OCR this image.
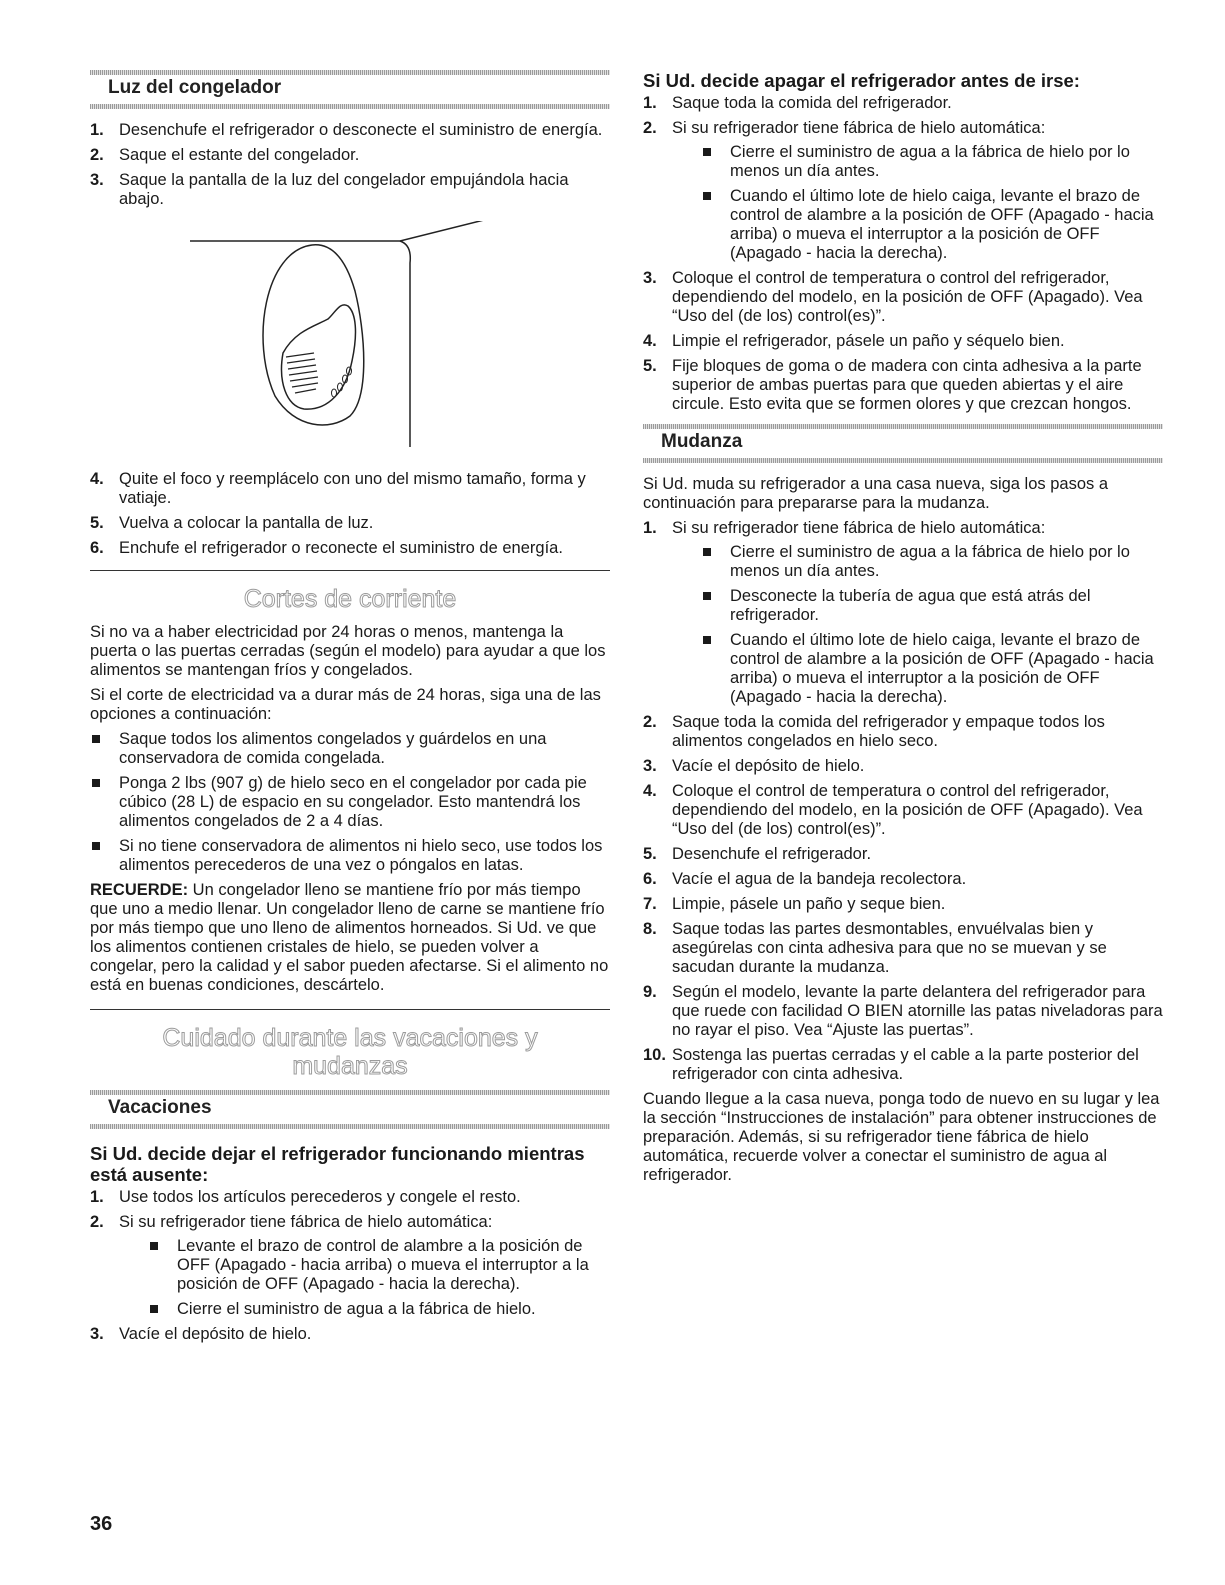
Luz del congelador
1. Desenchufe el refrigerador o desconecte el suministro de energía.
2. Saque el estante del congelador.
3. Saque la pantalla de la luz del congelador empujándola hacia abajo.
4. Quite el foco y reemplácelo con uno del mismo tamaño, forma y vatiaje.
5. Vuelva a colocar la pantalla de luz.
6. Enchufe el refrigerador o reconecte el suministro de energía.
Cortes de corriente

Si no va a haber electricidad por 24 horas o menos, mantenga la puerta o las puertas cerradas (según el modelo) para ayudar a que los alimentos se mantengan fríos y congelados.

Si el corte de electricidad va a durar más de 24 horas, siga una de las opciones a continuación:

Saque todos los alimentos congelados y guárdelos en una conservadora de comida congelada.
Ponga 2 lbs (907 g) de hielo seco en el congelador por cada pie cúbico (28 L) de espacio en su congelador. Esto mantendrá los alimentos congelados de 2 a 4 días.
Si no tiene conservadora de alimentos ni hielo seco, use todos los alimentos perecederos de una vez o póngalos en latas.

RECUERDE: Un congelador lleno se mantiene frío por más tiempo que uno a medio llenar. Un congelador lleno de carne se mantiene frío por más tiempo que uno lleno de alimentos horneados. Si Ud. ve que los alimentos contienen cristales de hielo, se pueden volver a congelar, pero la calidad y el sabor pueden afectarse. Si el alimento no está en buenas condiciones, descártelo.

Cuidado durante las vacaciones y
mudanzas
Vacaciones
Si Ud. decide dejar el refrigerador funcionando mientras está ausente:
1. Use todos los artículos perecederos y congele el resto.
2. Si su refrigerador tiene fábrica de hielo automática:
Levante el brazo de control de alambre a la posición de OFF (Apagado - hacia arriba) o mueva el interruptor a la posición de OFF (Apagado - hacia la derecha).
Cierre el suministro de agua a la fábrica de hielo.
3. Vacíe el depósito de hielo.
Si Ud. decide apagar el refrigerador antes de irse:
1. Saque toda la comida del refrigerador.
2. Si su refrigerador tiene fábrica de hielo automática:
Cierre el suministro de agua a la fábrica de hielo por lo menos un día antes.
Cuando el último lote de hielo caiga, levante el brazo de control de alambre a la posición de OFF (Apagado - hacia arriba) o mueva el interruptor a la posición de OFF (Apagado - hacia la derecha).
3. Coloque el control de temperatura o control del refrigerador, dependiendo del modelo, en la posición de OFF (Apagado). Vea “Uso del (de los) control(es)”.
4. Limpie el refrigerador, pásele un paño y séquelo bien.
5. Fije bloques de goma o de madera con cinta adhesiva a la parte superior de ambas puertas para que queden abiertas y el aire circule. Esto evita que se formen olores y que crezcan hongos.
Mudanza

Si Ud. muda su refrigerador a una casa nueva, siga los pasos a continuación para prepararse para la mudanza.

1. Si su refrigerador tiene fábrica de hielo automática:
Cierre el suministro de agua a la fábrica de hielo por lo menos un día antes.
Desconecte la tubería de agua que está atrás del refrigerador.
Cuando el último lote de hielo caiga, levante el brazo de control de alambre a la posición de OFF (Apagado - hacia arriba) o mueva el interruptor a la posición de OFF (Apagado - hacia la derecha).
2. Saque toda la comida del refrigerador y empaque todos los alimentos congelados en hielo seco.
3. Vacíe el depósito de hielo.
4. Coloque el control de temperatura o control del refrigerador, dependiendo del modelo, en la posición de OFF (Apagado). Vea “Uso del (de los) control(es)”.
5. Desenchufe el refrigerador.
6. Vacíe el agua de la bandeja recolectora.
7. Limpie, pásele un paño y seque bien.
8. Saque todas las partes desmontables, envuélvalas bien y asegúrelas con cinta adhesiva para que no se muevan y se sacudan durante la mudanza.
9. Según el modelo, levante la parte delantera del refrigerador para que ruede con facilidad O BIEN atornille las patas niveladoras para no rayar el piso. Vea “Ajuste las puertas”.
10. Sostenga las puertas cerradas y el cable a la parte posterior del refrigerador con cinta adhesiva.

Cuando llegue a la casa nueva, ponga todo de nuevo en su lugar y lea la sección “Instrucciones de instalación” para obtener instrucciones de preparación. Además, si su refrigerador tiene fábrica de hielo automática, recuerde volver a conectar el suministro de agua al refrigerador.

36
